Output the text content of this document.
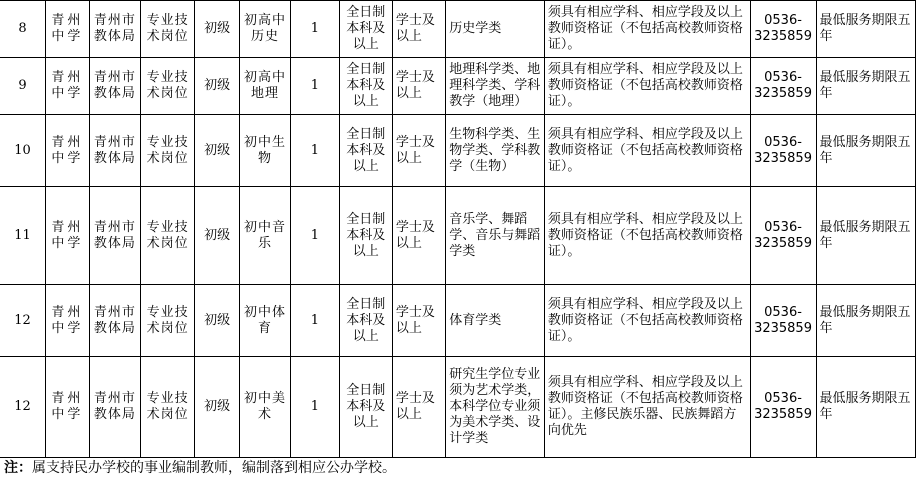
8	青州中学	青州市教体局	专业技术岗位	初级	初高中历史	1	全日制本科及以上	学士及以上	历史学类	须具有相应学科、相应学段及以上教师资格证（不包括高校教师资格证）。	0536-3235859	最低服务期限五年
9	青州中学	青州市教体局	专业技术岗位	初级	初高中地理	1	全日制本科及以上	学士及以上	地理科学类、地理科学类、学科教学（地理）	须具有相应学科、相应学段及以上教师资格证（不包括高校教师资格证）。	0536-3235859	最低服务期限五年
10	青州中学	青州市教体局	专业技术岗位	初级	初中生物	1	全日制本科及以上	学士及以上	生物科学类、生物学类、学科教学（生物）	须具有相应学科、相应学段及以上教师资格证（不包括高校教师资格证）。	0536-3235859	最低服务期限五年
11	青州中学	青州市教体局	专业技术岗位	初级	初中音乐	1	全日制本科及以上	学士及以上	音乐学、舞蹈学、音乐与舞蹈学类	须具有相应学科、相应学段及以上教师资格证（不包括高校教师资格证）。	0536-3235859	最低服务期限五年
12	青州中学	青州市教体局	专业技术岗位	初级	初中体育	1	全日制本科及以上	学士及以上	体育学类	须具有相应学科、相应学段及以上教师资格证（不包括高校教师资格证）。	0536-3235859	最低服务期限五年
12	青州中学	青州市教体局	专业技术岗位	初级	初中美术	1	全日制本科及以上	学士及以上	研究生学位专业须为艺术学类，本科学位专业须为美术学类、设计学类	须具有相应学科、相应学段及以上教师资格证（不包括高校教师资格证）。主修民族乐器、民族舞蹈方向优先	0536-3235859	最低服务期限五年
注：属支持民办学校的事业编制教师，编制落到相应公办学校。
